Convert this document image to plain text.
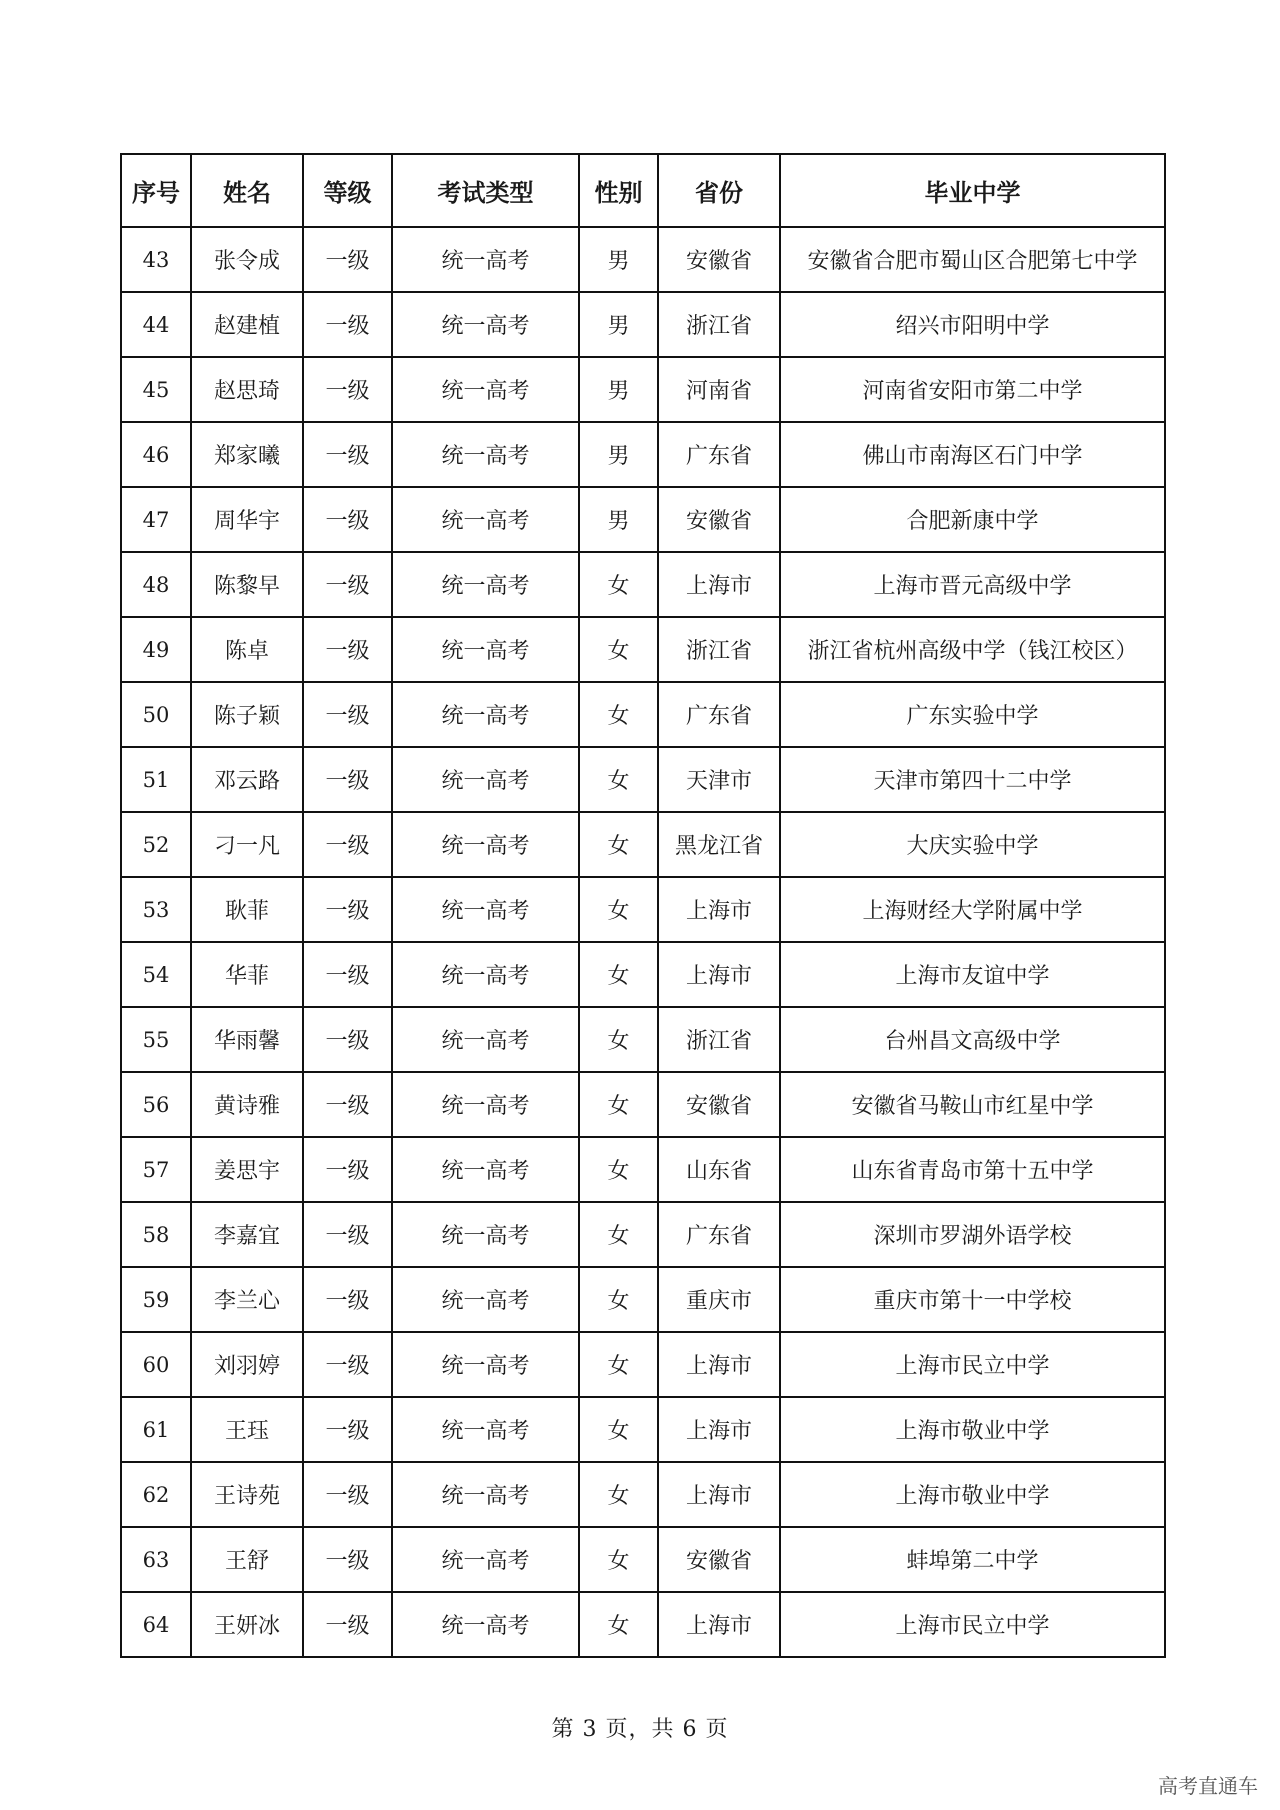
序号	姓名	等级	考试类型	性别	省份	毕业中学
43	张令成	一级	统一高考	男	安徽省	安徽省合肥市蜀山区合肥第七中学
44	赵建植	一级	统一高考	男	浙江省	绍兴市阳明中学
45	赵思琦	一级	统一高考	男	河南省	河南省安阳市第二中学
46	郑家曦	一级	统一高考	男	广东省	佛山市南海区石门中学
47	周华宇	一级	统一高考	男	安徽省	合肥新康中学
48	陈黎早	一级	统一高考	女	上海市	上海市晋元高级中学
49	陈卓	一级	统一高考	女	浙江省	浙江省杭州高级中学（钱江校区）
50	陈子颖	一级	统一高考	女	广东省	广东实验中学
51	邓云路	一级	统一高考	女	天津市	天津市第四十二中学
52	刁一凡	一级	统一高考	女	黑龙江省	大庆实验中学
53	耿菲	一级	统一高考	女	上海市	上海财经大学附属中学
54	华菲	一级	统一高考	女	上海市	上海市友谊中学
55	华雨馨	一级	统一高考	女	浙江省	台州昌文高级中学
56	黄诗雅	一级	统一高考	女	安徽省	安徽省马鞍山市红星中学
57	姜思宇	一级	统一高考	女	山东省	山东省青岛市第十五中学
58	李嘉宜	一级	统一高考	女	广东省	深圳市罗湖外语学校
59	李兰心	一级	统一高考	女	重庆市	重庆市第十一中学校
60	刘羽婷	一级	统一高考	女	上海市	上海市民立中学
61	王珏	一级	统一高考	女	上海市	上海市敬业中学
62	王诗苑	一级	统一高考	女	上海市	上海市敬业中学
63	王舒	一级	统一高考	女	安徽省	蚌埠第二中学
64	王妍冰	一级	统一高考	女	上海市	上海市民立中学
第 3 页，共 6 页
高考直通车
